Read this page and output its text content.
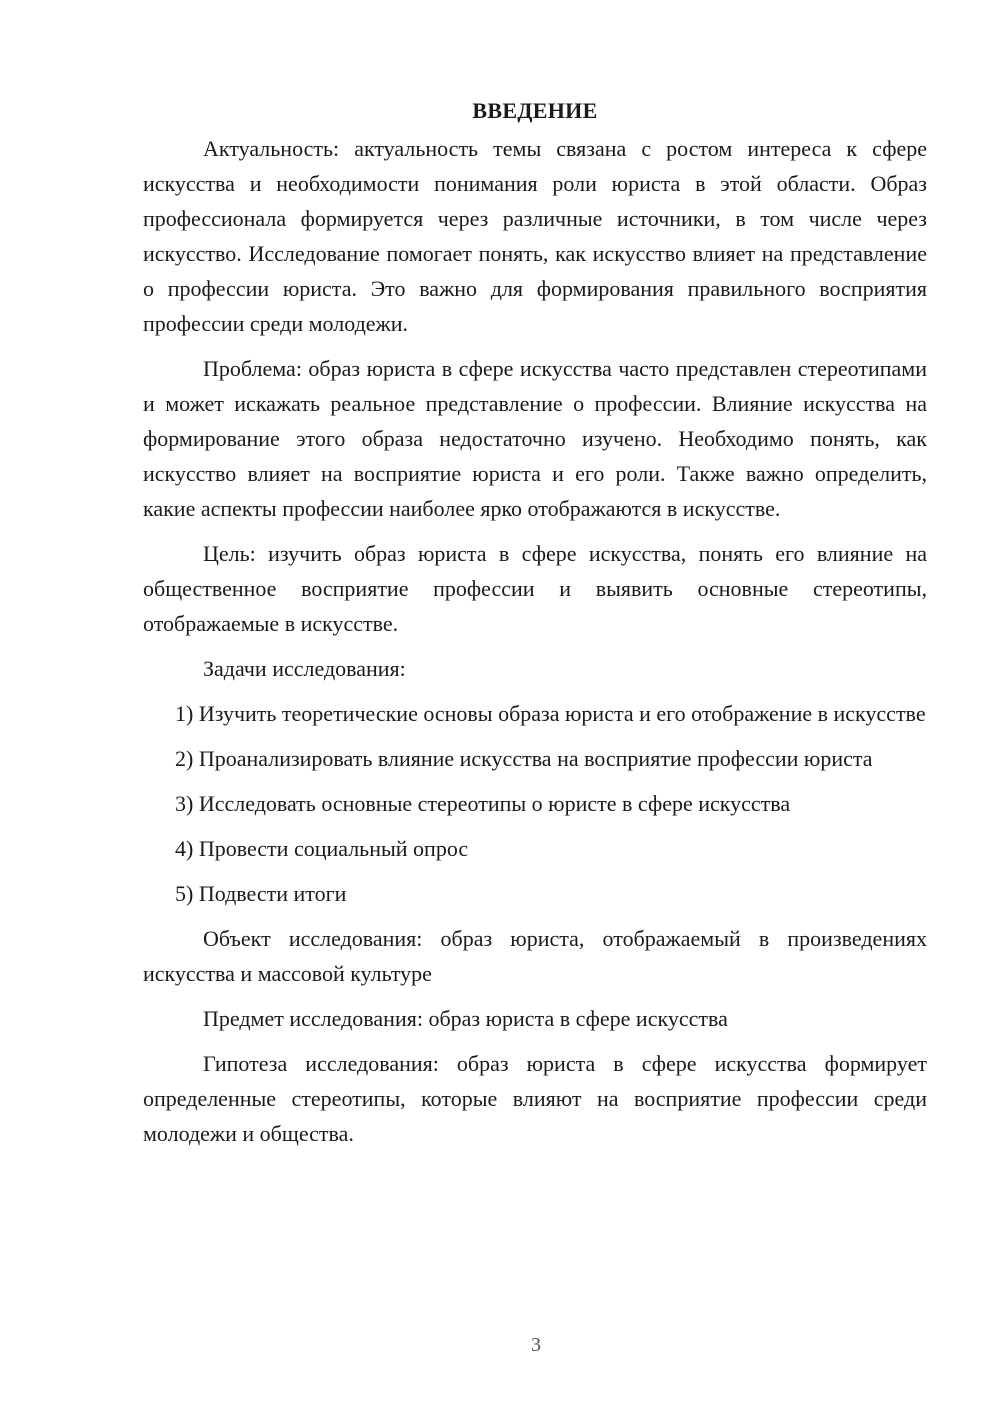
ВВЕДЕНИЕ

Актуальность: актуальность темы связана с ростом интереса к сфере искусства и необходимости понимания роли юриста в этой области. Образ профессионала формируется через различные источники, в том числе через искусство. Исследование помогает понять, как искусство влияет на представление о профессии юриста. Это важно для формирования правильного восприятия профессии среди молодежи.

Проблема: образ юриста в сфере искусства часто представлен стереотипами и может искажать реальное представление о профессии. Влияние искусства на формирование этого образа недостаточно изучено. Необходимо понять, как искусство влияет на восприятие юриста и его роли. Также важно определить, какие аспекты профессии наиболее ярко отображаются в искусстве.

Цель: изучить образ юриста в сфере искусства, понять его влияние на общественное восприятие профессии и выявить основные стереотипы, отображаемые в искусстве.

Задачи исследования:

1) Изучить теоретические основы образа юриста и его отображение в искусстве

2) Проанализировать влияние искусства на восприятие профессии юриста

3) Исследовать основные стереотипы о юристе в сфере искусства

4) Провести социальный опрос

5) Подвести итоги

Объект исследования: образ юриста, отображаемый в произведениях искусства и массовой культуре

Предмет исследования: образ юриста в сфере искусства

Гипотеза исследования: образ юриста в сфере искусства формирует определенные стереотипы, которые влияют на восприятие профессии среди молодежи и общества.

3
